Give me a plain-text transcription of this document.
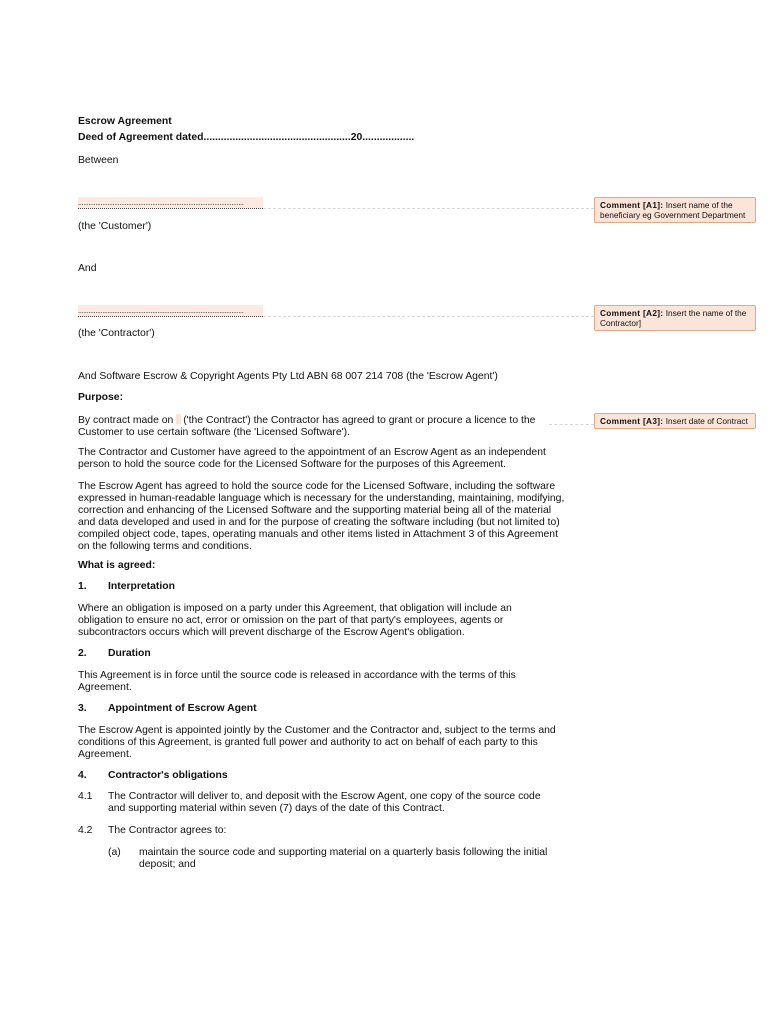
Escrow Agreement
Deed of Agreement dated...................................................20..................
Between
................................................................................................
(the 'Customer')
And
................................................................................................
(the 'Contractor')
And Software Escrow & Copyright Agents Pty Ltd ABN 68 007 214 708 (the 'Escrow Agent')
Purpose:
By contract made on ('the Contract') the Contractor has agreed to grant or procure a licence to the Customer to use certain software (the 'Licensed Software').
The Contractor and Customer have agreed to the appointment of an Escrow Agent as an independent person to hold the source code for the Licensed Software for the purposes of this Agreement.
The Escrow Agent has agreed to hold the source code for the Licensed Software, including the software expressed in human-readable language which is necessary for the understanding, maintaining, modifying, correction and enhancing of the Licensed Software and the supporting material being all of the material and data developed and used in and for the purpose of creating the software including (but not limited to) compiled object code, tapes, operating manuals and other items listed in Attachment 3 of this Agreement on the following terms and conditions.
What is agreed:
1. Interpretation
Where an obligation is imposed on a party under this Agreement, that obligation will include an obligation to ensure no act, error or omission on the part of that party's employees, agents or subcontractors occurs which will prevent discharge of the Escrow Agent's obligation.
2. Duration
This Agreement is in force until the source code is released in accordance with the terms of this Agreement.
3. Appointment of Escrow Agent
The Escrow Agent is appointed jointly by the Customer and the Contractor and, subject to the terms and conditions of this Agreement, is granted full power and authority to act on behalf of each party to this Agreement.
4. Contractor's obligations
4.1 The Contractor will deliver to, and deposit with the Escrow Agent, one copy of the source code and supporting material within seven (7) days of the date of this Contract.
4.2 The Contractor agrees to:
(a) maintain the source code and supporting material on a quarterly basis following the initial deposit; and
Comment [A1]: Insert name of the beneficiary eg Government Department
Comment [A2]: Insert the name of the Contractor]
Comment [A3]: Insert date of Contract
